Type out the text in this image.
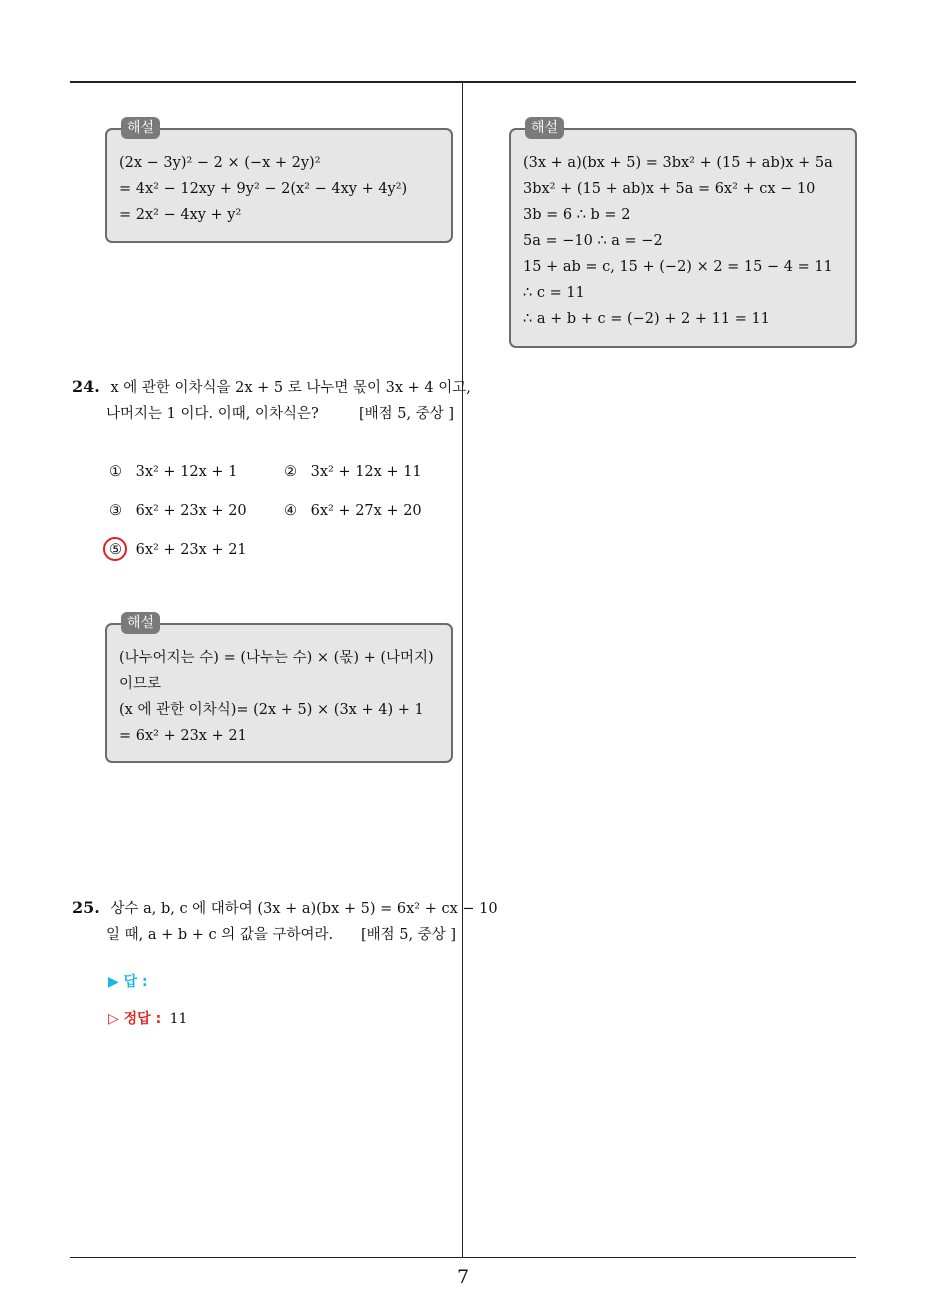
해설
(2x − 3y)² − 2 × (−x + 2y)²
= 4x² − 12xy + 9y² − 2(x² − 4xy + 4y²)
= 2x² − 4xy + y²
24. x 에 관한 이차식을 2x + 5 로 나누면 몫이 3x + 4 이고,
나머지는 1 이다. 이때, 이차식은?	[배점 5, 중상 ]
① 3x² + 12x + 1	② 3x² + 12x + 11
③ 6x² + 23x + 20	④ 6x² + 27x + 20
⑤ 6x² + 23x + 21
해설
(나누어지는 수) = (나누는 수) × (몫) + (나머지)
이므로
(x 에 관한 이차식)= (2x + 5) × (3x + 4) + 1
= 6x² + 23x + 21
25. 상수 a, b, c 에 대하여 (3x + a)(bx + 5) = 6x² + cx − 10
일 때, a + b + c 의 값을 구하여라. [배점 5, 중상 ]
▶ 답 :
▷ 정답 : 11
해설
(3x + a)(bx + 5) = 3bx² + (15 + ab)x + 5a
3bx² + (15 + ab)x + 5a = 6x² + cx − 10
3b = 6 ∴ b = 2
5a = −10 ∴ a = −2
15 + ab = c, 15 + (−2) × 2 = 15 − 4 = 11
∴ c = 11
∴ a + b + c = (−2) + 2 + 11 = 11
7
